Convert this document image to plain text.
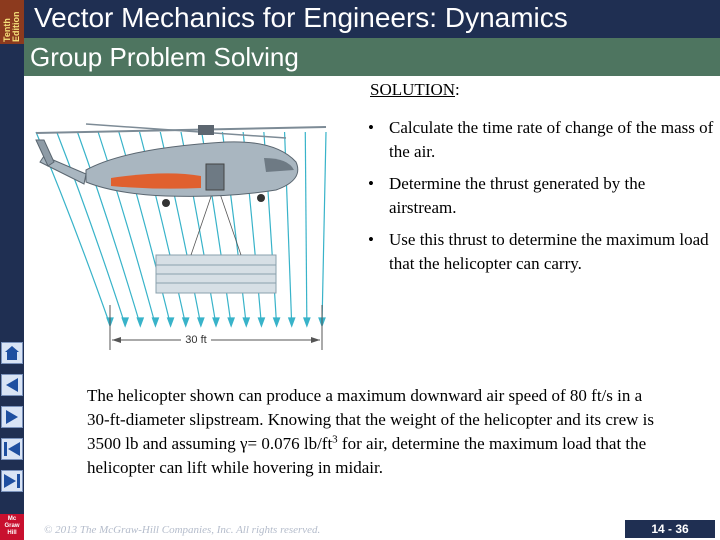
Tenth Edition
Mc
Graw
Hill
Vector Mechanics for Engineers: Dynamics
Group Problem Solving
30 ft
SOLUTION:
• Calculate the time rate of change of the mass of the air.
• Determine the thrust generated by the airstream.
• Use this thrust to determine the maximum load that the helicopter can carry.
The helicopter shown can produce a maximum downward air speed of 80 ft/s in a 30-ft-diameter slipstream. Knowing that the weight of the helicopter and its crew is 3500 lb and assuming γ= 0.076 $lb/ft^3$ for air, determine the maximum load that the helicopter can lift while hovering in midair.
© 2013 The McGraw-Hill Companies, Inc. All rights reserved.	14 - 36
